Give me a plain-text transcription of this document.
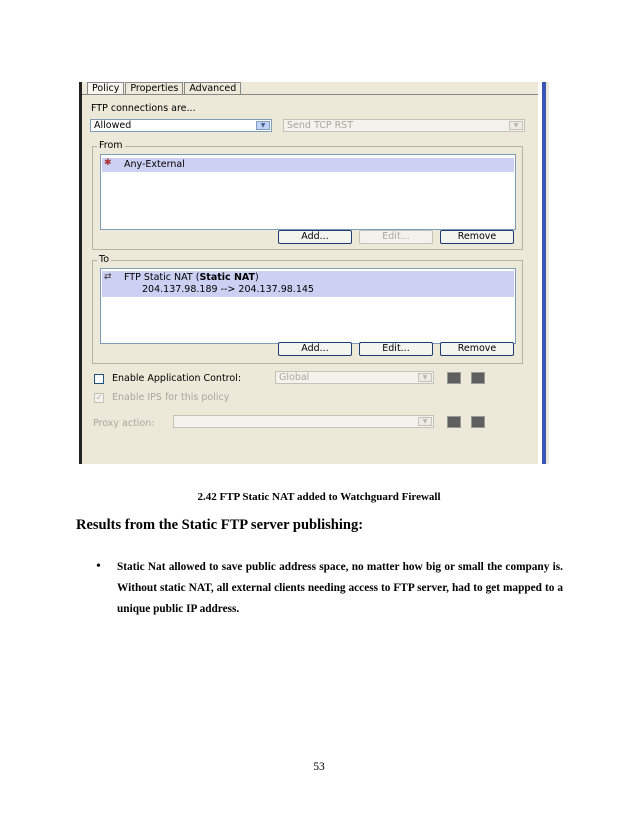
Policy	Properties	Advanced
FTP connections are...
Allowed	▼	Send TCP RST	▼
From
✱ Any-External
Add...	Edit...	Remove
To
⇄ FTP Static NAT (Static NAT)
204.137.98.189 --> 204.137.98.145
Add...	Edit...	Remove
Enable Application Control:	Global	▼
✓ Enable IPS for this policy
Proxy action:	▼
2.42 FTP Static NAT added to Watchguard Firewall
Results from the Static FTP server publishing:
• Static Nat allowed to save public address space, no matter how big or small the company is. Without static NAT, all external clients needing access to FTP server, had to get mapped to a unique public IP address.
53
